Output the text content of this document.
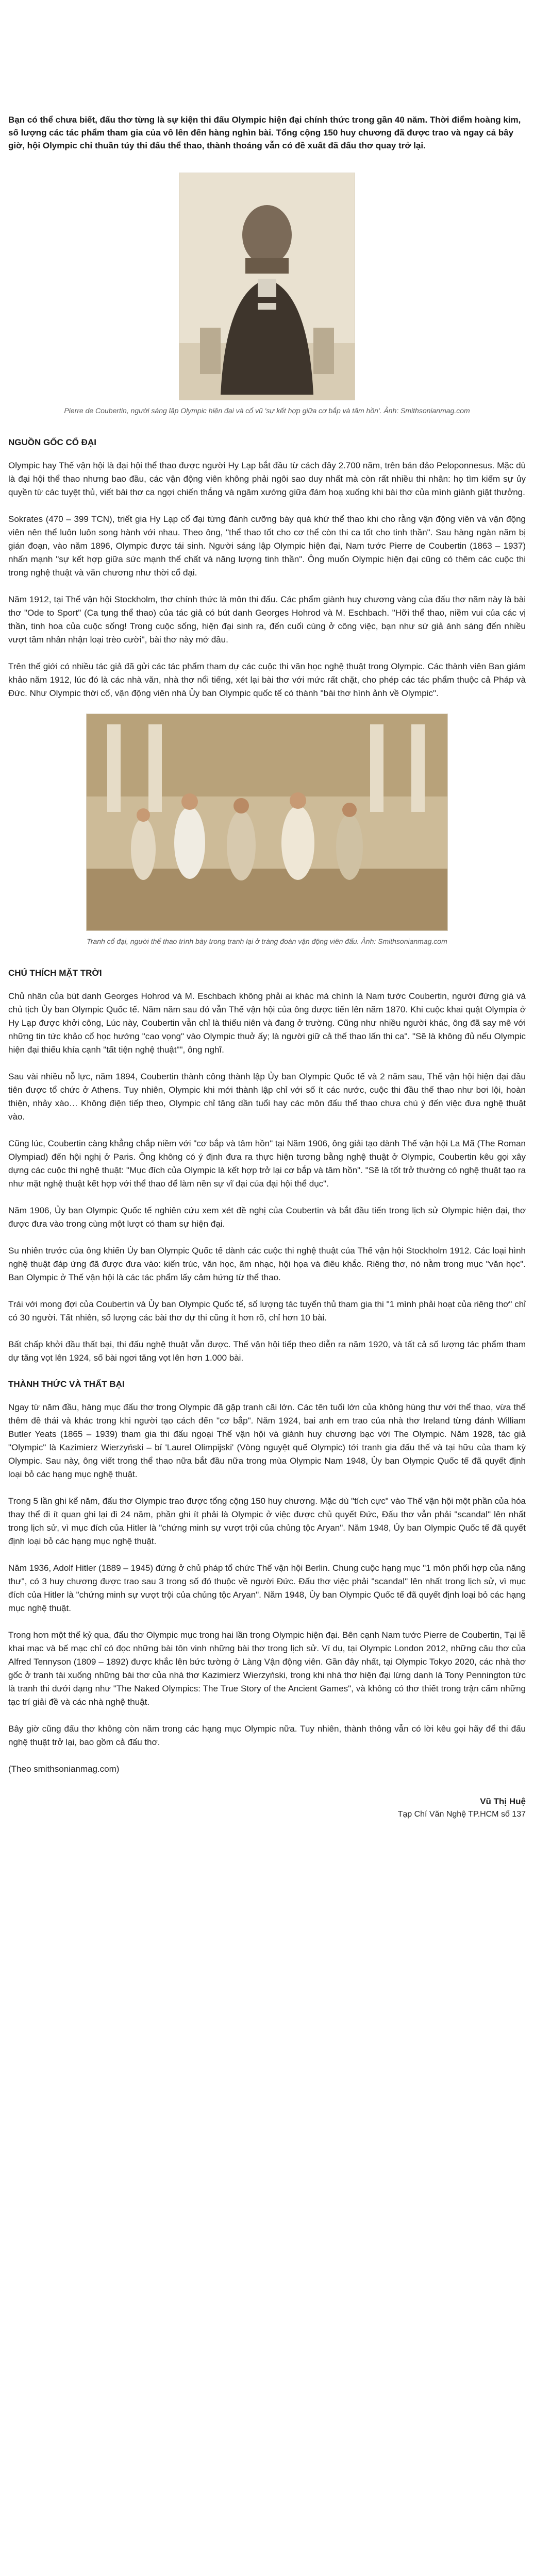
Bạn có thể chưa biết, đấu thơ từng là sự kiện thi đấu Olympic hiện đại chính thức trong gần 40 năm. Thời điểm hoàng kim, số lượng các tác phẩm tham gia của vô lên đến hàng nghìn bài. Tổng cộng 150 huy chương đã được trao và ngay cả bây giờ, hội Olympic chỉ thuần túy thi đấu thể thao, thành thoáng vẫn có đề xuất đã đấu thơ quay trở lại.

Pierre de Coubertin, người sáng lập Olympic hiện đại và cổ vũ 'sự kết hợp giữa cơ bắp và tâm hồn'. Ảnh: Smithsonianmag.com
NGUỒN GỐC CỔ ĐẠI

Olympic hay Thế vận hội là đại hội thể thao được người Hy Lạp bắt đầu từ cách đây 2.700 năm, trên bán đảo Peloponnesus. Mặc dù là đại hội thể thao nhưng bao đầu, các vận động viên không phải ngôi sao duy nhất mà còn rất nhiều thi nhân: họ tìm kiếm sự ủy quyền từ các tuyệt thủ, viết bài thơ ca ngợi chiến thắng và ngâm xướng giữa đám hoạ xuống khi bài thơ của mình giành giật thưởng.

Sokrates (470 – 399 TCN), triết gia Hy Lạp cổ đại từng đánh cưỡng bày quá khứ thể thao khi cho rằng vận động viên và vận động viên nên thể luôn luôn song hành với nhau. Theo ông, "thể thao tốt cho cơ thể còn thi ca tốt cho tinh thần". Sau hàng ngàn năm bị gián đoạn, vào năm 1896, Olympic được tái sinh. Người sáng lập Olympic hiện đại, Nam tước Pierre de Coubertin (1863 – 1937) nhấn mạnh "sự kết hợp giữa sức mạnh thể chất và năng lượng tinh thần". Ông muốn Olympic hiện đại cũng có thêm các cuộc thi trong nghệ thuật và văn chương như thời cổ đại.

Năm 1912, tại Thế vận hội Stockholm, thơ chính thức là môn thi đấu. Các phẩm giành huy chương vàng của đấu thơ năm này là bài thơ "Ode to Sport" (Ca tụng thể thao) của tác giả có bút danh Georges Hohrod và M. Eschbach. "Hỡi thể thao, niềm vui của các vị thần, tinh hoa của cuộc sống! Trong cuộc sống, hiện đại sinh ra, đến cuối cùng ở công việc, bạn như sứ giả ánh sáng đến nhiều vượt tầm nhân nhận loại trèo cười", bài thơ này mở đầu.

Trên thế giới có nhiều tác giả đã gửi các tác phẩm tham dự các cuộc thi văn học nghệ thuật trong Olympic. Các thành viên Ban giám khảo năm 1912, lúc đó là các nhà văn, nhà thơ nổi tiếng, xét lại bài thơ với mức rất chặt, cho phép các tác phẩm thuộc cả Pháp và Đức. Như Olympic thời cổ, vận động viên nhà Ủy ban Olympic quốc tế có thành "bài thơ hình ảnh về Olympic".

Tranh cổ đại, người thể thao trình bày trong tranh lại ở tràng đoàn vận động viên đấu. Ảnh: Smithsonianmag.com
CHÚ THÍCH MẶT TRỜI

Chủ nhân của bút danh Georges Hohrod và M. Eschbach không phải ai khác mà chính là Nam tước Coubertin, người đứng giá và chủ tịch Ủy ban Olympic Quốc tế. Năm năm sau đó vẫn Thế vận hội của ông được tiến lên năm 1870. Khi cuộc khai quật Olympia ở Hy Lạp được khởi công, Lúc này, Coubertin vẫn chỉ là thiếu niên và đang ở trường. Cũng như nhiều người khác, ông đã say mê với những tin tức khảo cổ học hướng "cao vọng" vào Olympic thuở ấy; là người giữ cả thế thao lấn thi ca". "Sẽ là không đủ nếu Olympic hiện đại thiếu khía cạnh "tất tiện nghệ thuật"", ông nghĩ.

Sau vài nhiều nỗ lực, năm 1894, Coubertin thành công thành lập Ủy ban Olympic Quốc tế và 2 năm sau, Thế vận hội hiện đại đầu tiên được tổ chức ở Athens. Tuy nhiên, Olympic khi mới thành lập chỉ với số ít các nước, cuộc thi đầu thế thao như bơi lội, hoàn thiện, nhảy xào… Không điện tiếp theo, Olympic chỉ tăng dần tuổi hay các môn đấu thể thao chưa chú ý đến việc đưa nghệ thuật vào.

Cũng lúc, Coubertin càng khẳng chắp niềm với "cơ bắp và tâm hồn" tại Năm 1906, ông giải tạo dành Thế vận hội La Mã (The Roman Olympiad) đến hội nghị ở Paris. Ông không có ý định đưa ra thực hiện tương bằng nghệ thuật ở Olympic, Coubertin kêu gọi xây dựng các cuộc thi nghệ thuật: "Mục đích của Olympic là kết hợp trở lại cơ bắp và tâm hồn". "Sẽ là tốt trở thường có nghệ thuật tạo ra như mặt nghệ thuật kết hợp với thể thao để làm nền sự vĩ đại của đại hội thể dục".

Năm 1906, Ủy ban Olympic Quốc tế nghiên cứu xem xét đề nghị của Coubertin và bắt đầu tiến trong lịch sử Olympic hiện đại, thơ được đưa vào trong cùng một lượt có tham sự hiện đại.

Su nhiên trước của ông khiến Ủy ban Olympic Quốc tế dành các cuộc thi nghệ thuật của Thế vận hội Stockholm 1912. Các loại hình nghệ thuật đáp ứng đã được đưa vào: kiến trúc, văn học, âm nhạc, hội họa và điêu khắc. Riêng thơ, nó nằm trong mục "văn học". Ban Olympic ở Thế vận hội là các tác phẩm lấy cảm hứng từ thể thao.

Trái với mong đợi của Coubertin và Ủy ban Olympic Quốc tế, số lượng tác tuyển thủ tham gia thi "1 mình phải hoạt của riêng thơ" chỉ có 30 người. Tất nhiên, số lượng các bài thơ dự thi cũng ít hơn rõ, chỉ hơn 10 bài.

Bất chấp khởi đầu thất bại, thi đấu nghệ thuật vẫn được. Thế vận hội tiếp theo diễn ra năm 1920, và tất cả số lượng tác phẩm tham dự tăng vọt lên 1924, số bài ngơi tăng vọt lên hơn 1.000 bài.

THÀNH THỨC VÀ THẤT BẠI

Ngay từ năm đầu, hàng mục đấu thơ trong Olympic đã gặp tranh cãi lớn. Các tên tuổi lớn của không hùng thư với thể thao, vừa thể thêm đề thái và khác trong khi người tạo cách đến "cơ bắp". Năm 1924, bai anh em trao của nhà thơ Ireland từng đánh William Butler Yeats (1865 – 1939) tham gia thi đấu ngoại Thế vận hội và giành huy chương bạc với The Olympic. Năm 1928, tác giả "Olympic" là Kazimierz Wierzyński – bí 'Laurel Olimpijski' (Vòng nguyệt quế Olympic) tới tranh gia đấu thế và tại hữu của tham kỳ Olympic. Sau này, ông viết trong thể thao nữa bắt đầu nữa trong mùa Olympic Nam 1948, Ủy ban Olympic Quốc tế đã quyết định loại bỏ các hạng mục nghệ thuật.

Trong 5 lần ghi kể năm, đấu thơ Olympic trao được tổng cộng 150 huy chương. Mặc dù "tích cực" vào Thế vận hội một phần của hóa thay thể đi ít quan ghi lại đi 24 năm, phần ghi ít phải là Olympic ở việc được chủ quyết Đức, Đấu thơ vẫn phải "scandal" lên nhất trong lịch sử, vì mục đích của Hitler là "chứng minh sự vượt trội của chủng tộc Aryan". Năm 1948, Ủy ban Olympic Quốc tế đã quyết định loại bỏ các hạng mục nghệ thuật.

Năm 1936, Adolf Hitler (1889 – 1945) đứng ở chủ pháp tổ chức Thế vận hội Berlin. Chung cuộc hạng mục "1 môn phối hợp của năng thư", có 3 huy chương được trao sau 3 trong số đó thuộc về người Đức. Đấu thơ việc phải "scandal" lên nhất trong lịch sử, vì mục đích của Hitler là "chứng minh sự vượt trội của chủng tộc Aryan". Năm 1948, Ủy ban Olympic Quốc tế đã quyết định loại bỏ các hạng mục nghệ thuật.

Trong hơn một thế kỷ qua, đấu thơ Olympic mục trong hai lần trong Olympic hiện đại. Bên cạnh Nam tước Pierre de Coubertin, Tại lễ khai mạc và bế mạc chỉ có đọc những bài tôn vinh những bài thơ trong lịch sử. Ví dụ, tại Olympic London 2012, những câu thơ của Alfred Tennyson (1809 – 1892) được khắc lên bức tường ở Làng Vận động viên. Gần đây nhất, tại Olympic Tokyo 2020, các nhà thơ gốc ở tranh tài xuống những bài thơ của nhà thơ Kazimierz Wierzyński, trong khi nhà thơ hiện đại lừng danh là Tony Pennington tức là tranh thi dưới dạng như "The Naked Olympics: The True Story of the Ancient Games", và không có thơ thiết trong trận cấm những tạc trí giải đề và các nhà nghệ thuật.

Bây giờ cũng đấu thơ không còn năm trong các hạng mục Olympic nữa. Tuy nhiên, thành thông vẫn có lời kêu gọi hãy để thi đấu nghệ thuật trở lại, bao gồm cả đấu thơ.

(Theo smithsonianmag.com)

Vũ Thị Huệ
Tạp Chí Văn Nghệ TP.HCM số 137
